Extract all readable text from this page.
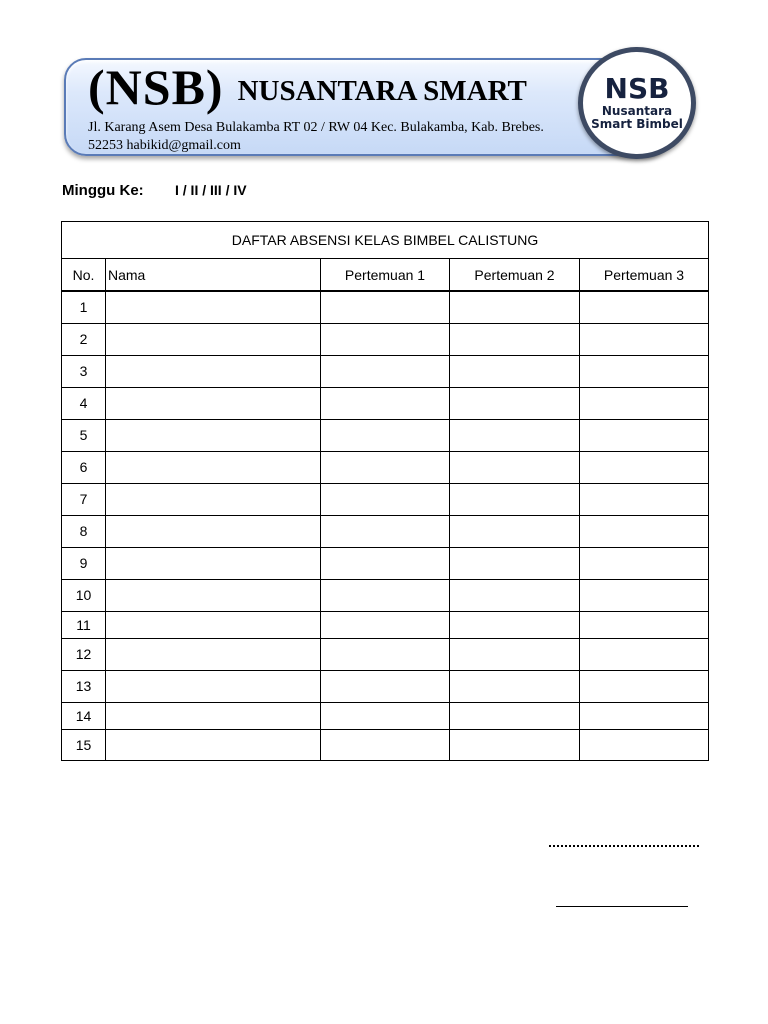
(NSB) NUSANTARA SMART
Jl. Karang Asem Desa Bulakamba RT 02 / RW 04 Kec. Bulakamba, Kab. Brebes. 52253 habikid@gmail.com
NSB
Nusantara
Smart Bimbel
Minggu Ke: I / II / III / IV
DAFTAR ABSENSI KELAS BIMBEL CALISTUNG				
No.	Nama	Pertemuan 1	Pertemuan 2	Pertemuan 3
1				
2				
3				
4				
5				
6				
7				
8				
9				
10				
11				
12				
13				
14				
15				
